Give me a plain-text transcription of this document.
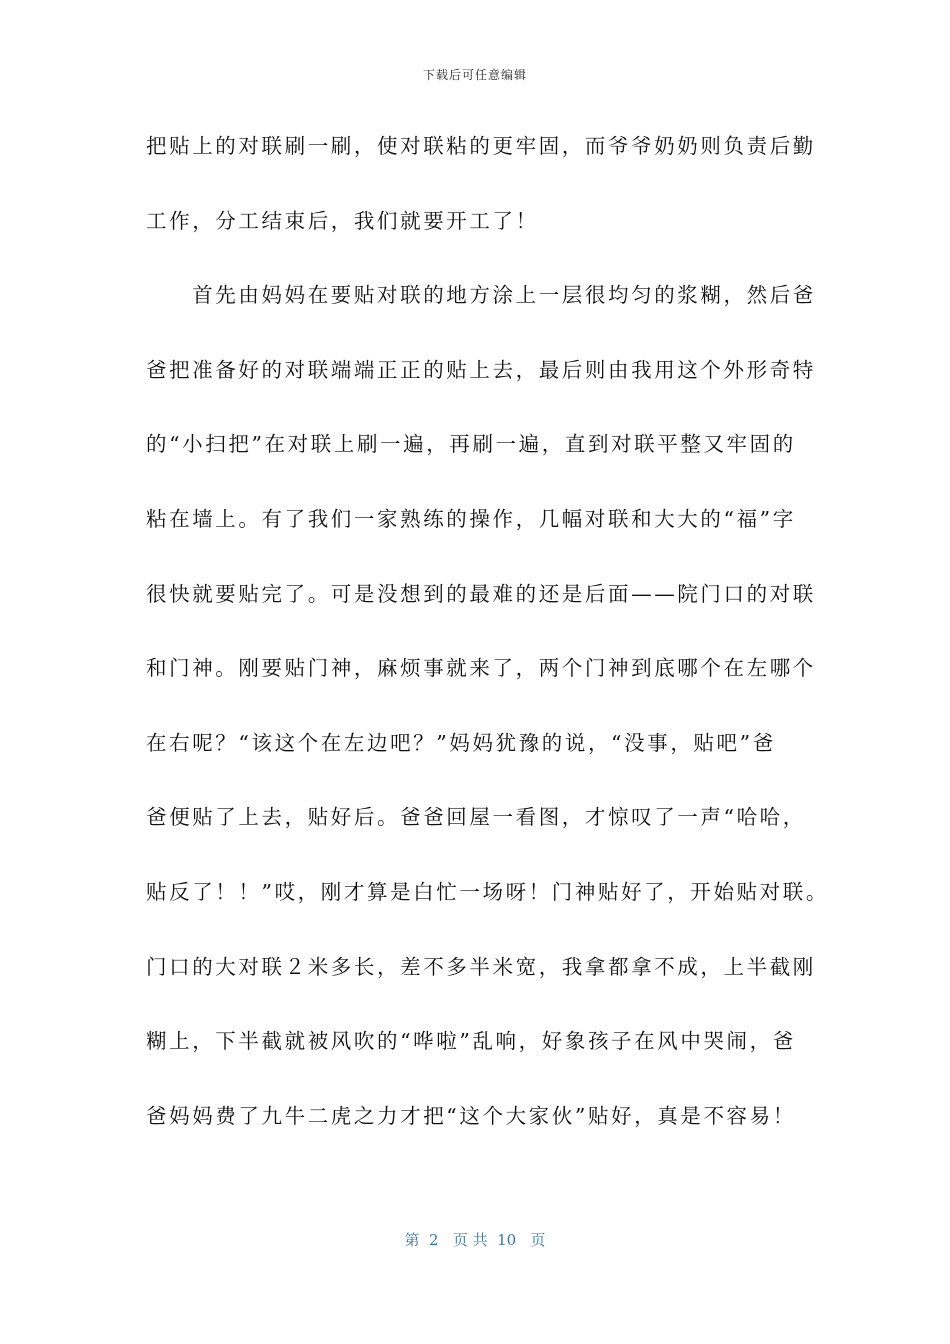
下载后可任意编辑
把贴上的对联刷一刷，使对联粘的更牢固，而爷爷奶奶则负责后勤
工作，分工结束后，我们就要开工了！
　　首先由妈妈在要贴对联的地方涂上一层很均匀的浆糊，然后爸
爸把准备好的对联端端正正的贴上去，最后则由我用这个外形奇特
的“小扫把”在对联上刷一遍，再刷一遍，直到对联平整又牢固的
粘在墙上。有了我们一家熟练的操作，几幅对联和大大的“福”字
很快就要贴完了。可是没想到的最难的还是后面——院门口的对联
和门神。刚要贴门神，麻烦事就来了，两个门神到底哪个在左哪个
在右呢？“该这个在左边吧？”妈妈犹豫的说，“没事，贴吧”爸
爸便贴了上去，贴好后。爸爸回屋一看图，才惊叹了一声“哈哈，
贴反了！！”哎，刚才算是白忙一场呀！门神贴好了，开始贴对联。
门口的大对联２米多长，差不多半米宽，我拿都拿不成，上半截刚
糊上，下半截就被风吹的“哗啦”乱响，好象孩子在风中哭闹，爸
爸妈妈费了九牛二虎之力才把“这个大家伙”贴好，真是不容易！
第  2   页 共  10   页
